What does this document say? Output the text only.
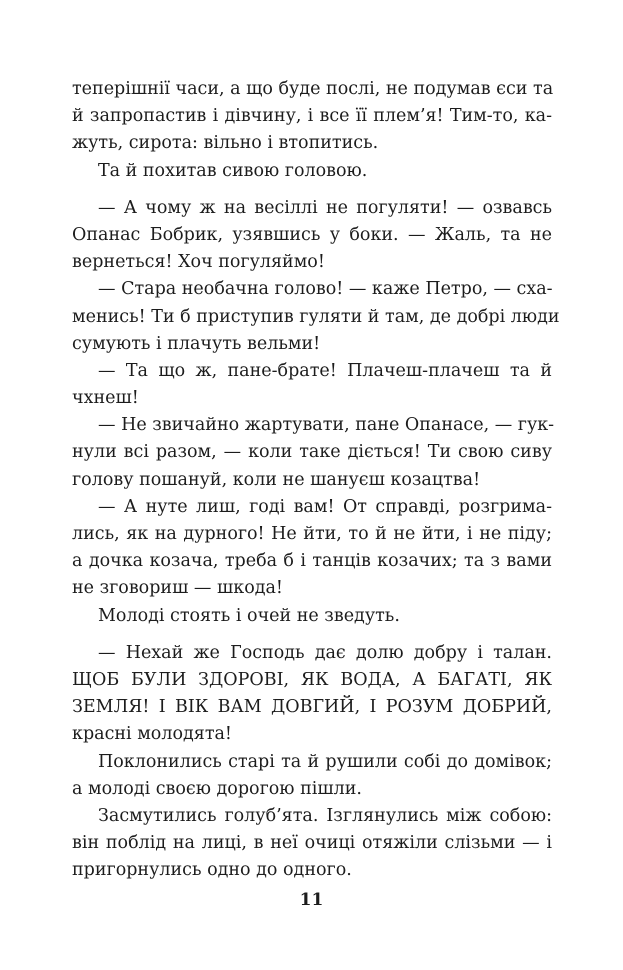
теперішнії часи, а що буде послі, не подумав єси та
й запропастив і дівчину, і все її плем’я! Тим-то, ка-
жуть, сирота: вільно і втопитись.
Та й похитав сивою головою.
— А чому ж на весіллі не погуляти! — озвавсь
Опанас Бобрик, узявшись у боки. — Жаль, та не
вернеться! Хоч погуляймо!
— Стара необачна голово! — каже Петро, — сха-
менись! Ти б приступив гуляти й там, де добрі люди
сумують і плачуть вельми!
— Та що ж, пане-брате! Плачеш-плачеш та й
чхнеш!
— Не звичайно жартувати, пане Опанасе, — гук-
нули всі разом, — коли таке діється! Ти свою сиву
голову пошануй, коли не шануєш козацтва!
— А нуте лиш, годі вам! От справді, розгрима-
лись, як на дурного! Не йти, то й не йти, і не піду;
а дочка козача, треба б і танців козачих; та з вами
не зговориш — шкода!
Молоді стоять і очей не зведуть.
— Нехай же Господь дає долю добру і талан.
ЩОБ БУЛИ ЗДОРОВІ, ЯК ВОДА, А БАГАТІ, ЯК
ЗЕМЛЯ! І ВІК ВАМ ДОВГИЙ, І РОЗУМ ДОБРИЙ,
красні молодята!
Поклонились старі та й рушили собі до домівок;
а молоді своєю дорогою пішли.
Засмутились голуб’ята. Ізглянулись між собою:
він поблід на лиці, в неї очиці отяжіли слізьми — і
пригорнулись одно до одного.
11
